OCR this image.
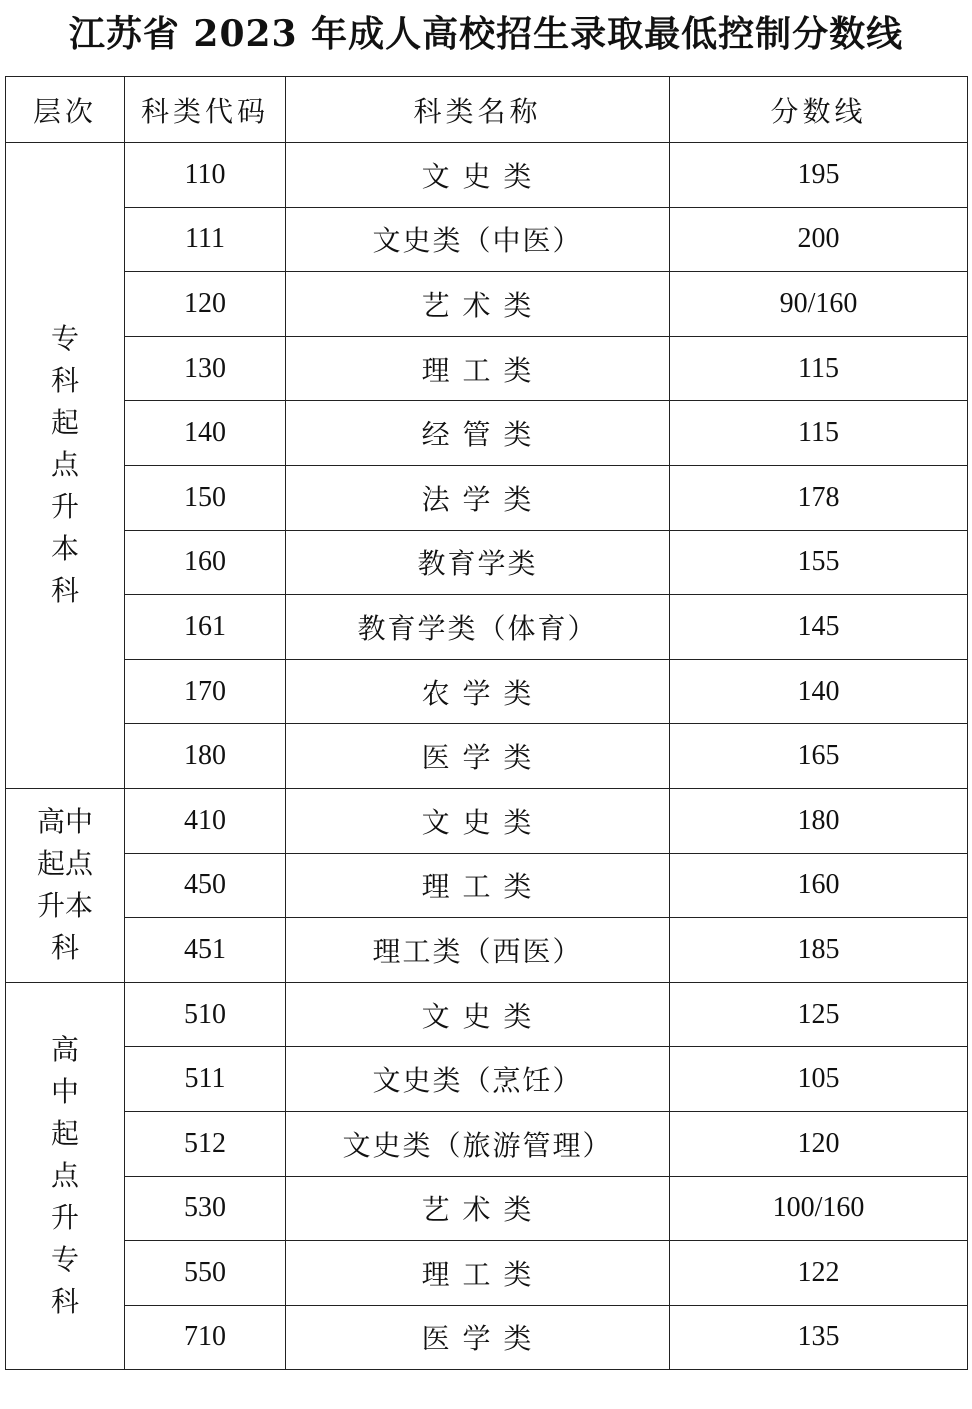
江苏省 2023 年成人高校招生录取最低控制分数线
层次	科类代码	科类名称	分数线
专科起点升本科	110	文 史 类	195
	111	文史类（中医）	200
	120	艺 术 类	90/160
	130	理 工 类	115
	140	经 管 类	115
	150	法 学 类	178
	160	教育学类	155
	161	教育学类（体育）	145
	170	农 学 类	140
	180	医 学 类	165
高中起点升本科	410	文 史 类	180
	450	理 工 类	160
	451	理工类（西医）	185
高中起点升专科	510	文 史 类	125
	511	文史类（烹饪）	105
	512	文史类（旅游管理）	120
	530	艺 术 类	100/160
	550	理 工 类	122
	710	医 学 类	135
